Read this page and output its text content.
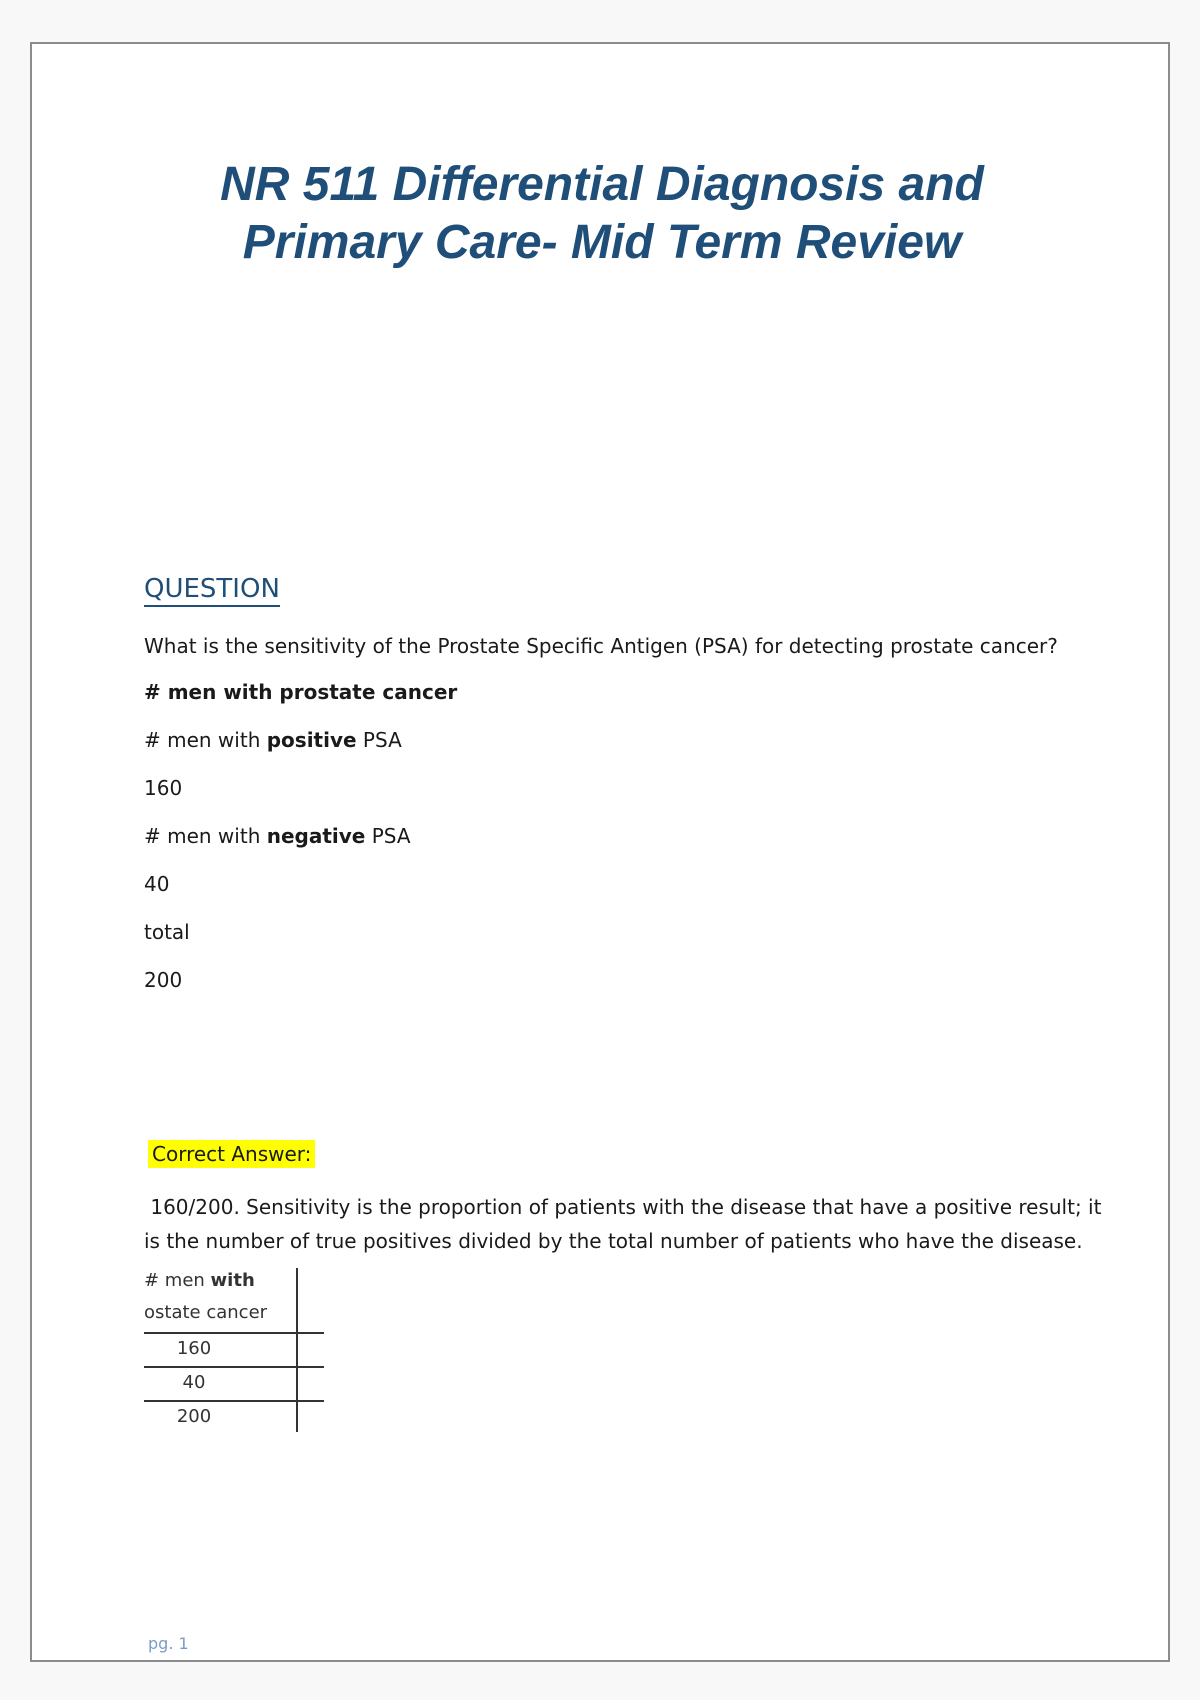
NR 511 Differential Diagnosis and
Primary Care- Mid Term Review
QUESTION
What is the sensitivity of the Prostate Specific Antigen (PSA) for detecting prostate cancer?
# men with prostate cancer
# men with positive PSA
160
# men with negative PSA
40
total
200
Correct Answer:
160/200. Sensitivity is the proportion of patients with the disease that have a positive result; it
is the number of true positives divided by the total number of patients who have the disease.
# men with
ostate cancer
160
40
200
pg. 1
